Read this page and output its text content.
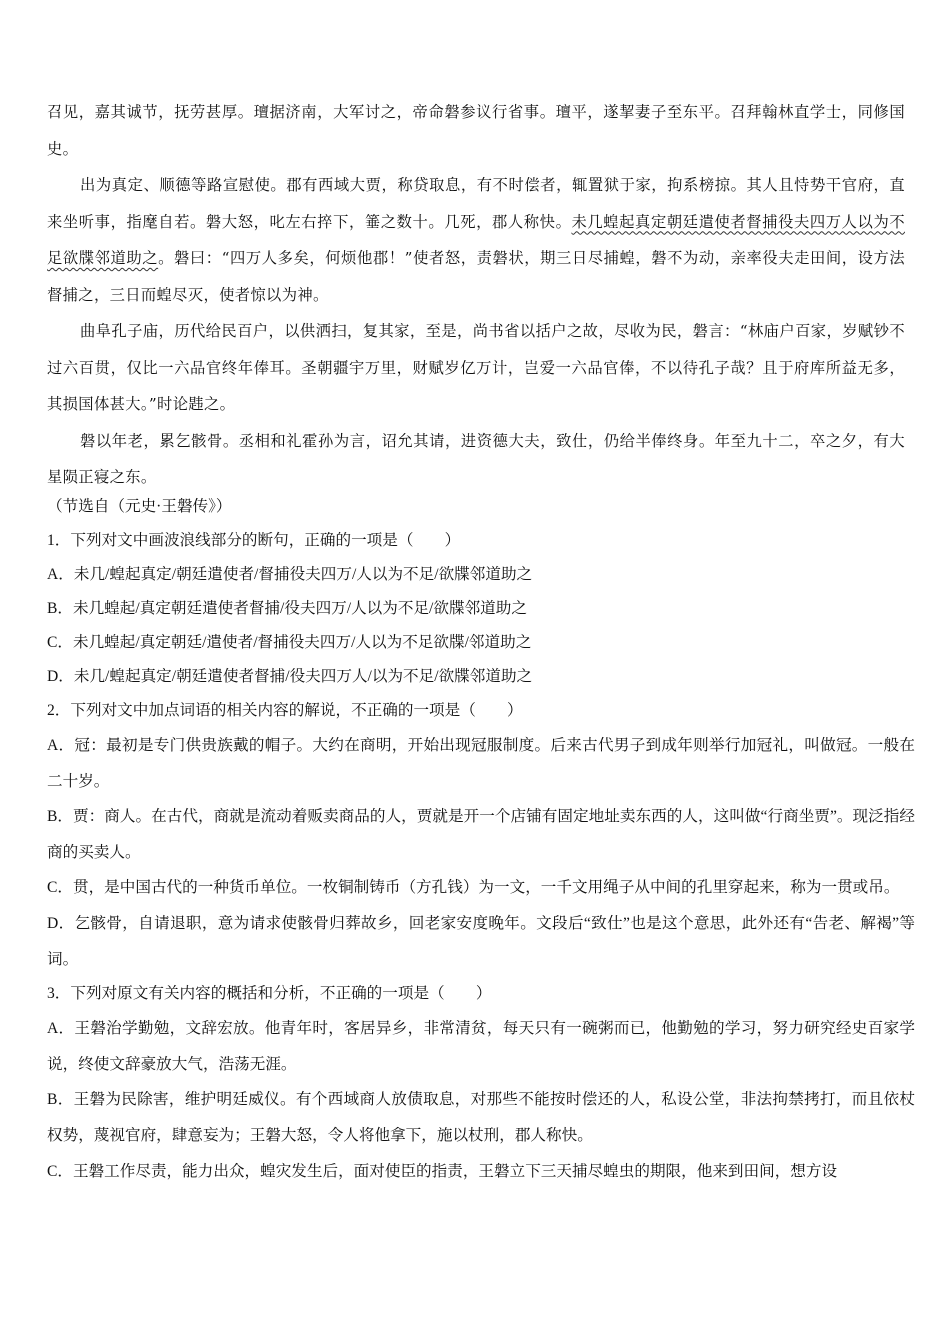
召见，嘉其诚节，抚劳甚厚。璮据济南，大军讨之，帝命磐参议行省事。璮平，遂挈妻子至东平。召拜翰林直学士，同修国史。

出为真定、顺德等路宣慰使。郡有西域大贾，称贷取息，有不时偿者，辄置狱于家，拘系榜掠。其人且恃势干官府，直来坐听事，指麾自若。磐大怒，叱左右捽下，箠之数十。几死，郡人称快。未几蝗起真定朝廷遣使者督捕役夫四万人以为不足欲牒邻道助之。磐曰：“四万人多矣，何烦他郡！”使者怒，责磐状，期三日尽捕蝗，磐不为动，亲率役夫走田间，设方法督捕之，三日而蝗尽灭，使者惊以为神。

曲阜孔子庙，历代给民百户，以供洒扫，复其家，至是，尚书省以括户之故，尽收为民，磐言：“林庙户百家，岁赋钞不过六百贯，仅比一六品官终年俸耳。圣朝疆宇万里，财赋岁亿万计，岂爱一六品官俸，不以待孔子哉？且于府库所益无多，其损国体甚大。”时论韪之。

磐以年老，累乞骸骨。丞相和礼霍孙为言，诏允其请，进资德大夫，致仕，仍给半俸终身。年至九十二，卒之夕，有大星陨正寝之东。

（节选自（元史·王磐传》）
1．下列对文中画波浪线部分的断句，正确的一项是（　　）
A．未几/蝗起真定/朝廷遣使者/督捕役夫四万/人以为不足/欲牒邻道助之
B．未几蝗起/真定朝廷遣使者督捕/役夫四万/人以为不足/欲牒邻道助之
C．未几蝗起/真定朝廷/遣使者/督捕役夫四万/人以为不足欲牒/邻道助之
D．未几/蝗起真定/朝廷遣使者督捕/役夫四万人/以为不足/欲牒邻道助之
2．下列对文中加点词语的相关内容的解说，不正确的一项是（　　）
A．冠：最初是专门供贵族戴的帽子。大约在商明，开始出现冠服制度。后来古代男子到成年则举行加冠礼，叫做冠。一般在二十岁。
B．贾：商人。在古代，商就是流动着贩卖商品的人，贾就是开一个店铺有固定地址卖东西的人，这叫做“行商坐贾”。现泛指经商的买卖人。
C．贯，是中国古代的一种货币单位。一枚铜制铸币（方孔钱）为一文，一千文用绳子从中间的孔里穿起来，称为一贯或吊。
D．乞骸骨，自请退职，意为请求使骸骨归葬故乡，回老家安度晚年。文段后“致仕”也是这个意思，此外还有“告老、解褐”等词。
3．下列对原文有关内容的概括和分析，不正确的一项是（　　）
A．王磐治学勤勉，文辞宏放。他青年时，客居异乡，非常清贫，每天只有一碗粥而已，他勤勉的学习，努力研究经史百家学说，终使文辞豪放大气，浩荡无涯。
B．王磐为民除害，维护明廷威仪。有个西域商人放债取息，对那些不能按时偿还的人，私设公堂，非法拘禁拷打，而且依杖权势，蔑视官府，肆意妄为；王磐大怒，令人将他拿下，施以杖刑，郡人称快。
C．王磐工作尽责，能力出众，蝗灾发生后，面对使臣的指责，王磐立下三天捕尽蝗虫的期限，他来到田间，想方设
